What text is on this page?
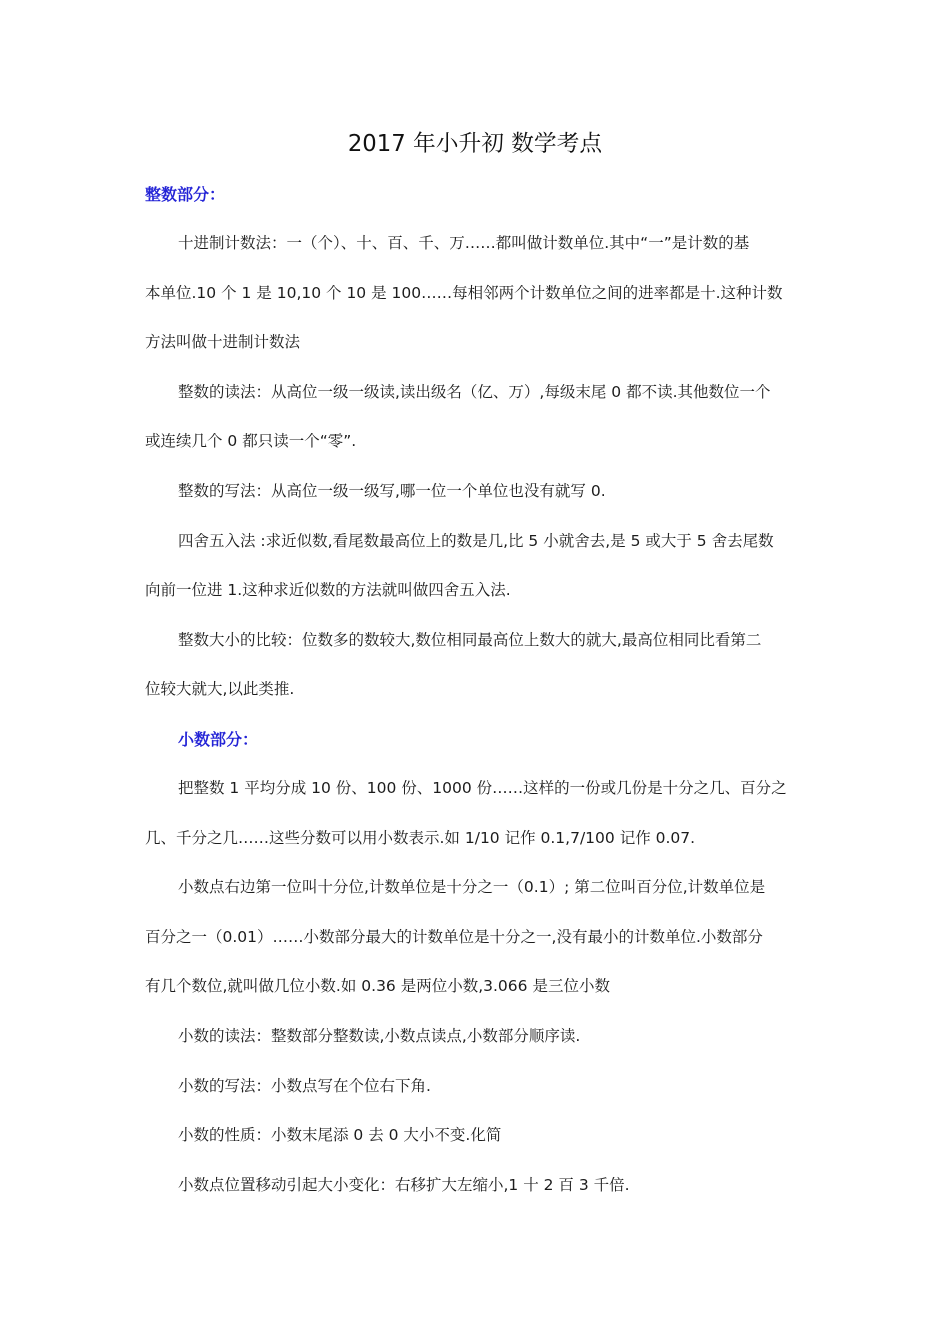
2017 年小升初 数学考点
整数部分：
十进制计数法：一（个）、十、百、千、万……都叫做计数单位.其中“一”是计数的基
本单位.10 个 1 是 10,10 个 10 是 100……每相邻两个计数单位之间的进率都是十.这种计数
方法叫做十进制计数法
整数的读法：从高位一级一级读,读出级名（亿、万）,每级末尾 0 都不读.其他数位一个
或连续几个 0 都只读一个“零”.
整数的写法：从高位一级一级写,哪一位一个单位也没有就写 0.
四舍五入法 :求近似数,看尾数最高位上的数是几,比 5 小就舍去,是 5 或大于 5 舍去尾数
向前一位进 1.这种求近似数的方法就叫做四舍五入法.
整数大小的比较：位数多的数较大,数位相同最高位上数大的就大,最高位相同比看第二
位较大就大,以此类推.
小数部分：
把整数 1 平均分成 10 份、100 份、1000 份……这样的一份或几份是十分之几、百分之
几、千分之几……这些分数可以用小数表示.如 1/10 记作 0.1,7/100 记作 0.07.
小数点右边第一位叫十分位,计数单位是十分之一（0.1）; 第二位叫百分位,计数单位是
百分之一（0.01）……小数部分最大的计数单位是十分之一,没有最小的计数单位.小数部分
有几个数位,就叫做几位小数.如 0.36 是两位小数,3.066 是三位小数
小数的读法：整数部分整数读,小数点读点,小数部分顺序读.
小数的写法：小数点写在个位右下角.
小数的性质：小数末尾添 0 去 0 大小不变.化简
小数点位置移动引起大小变化：右移扩大左缩小,1 十 2 百 3 千倍.
